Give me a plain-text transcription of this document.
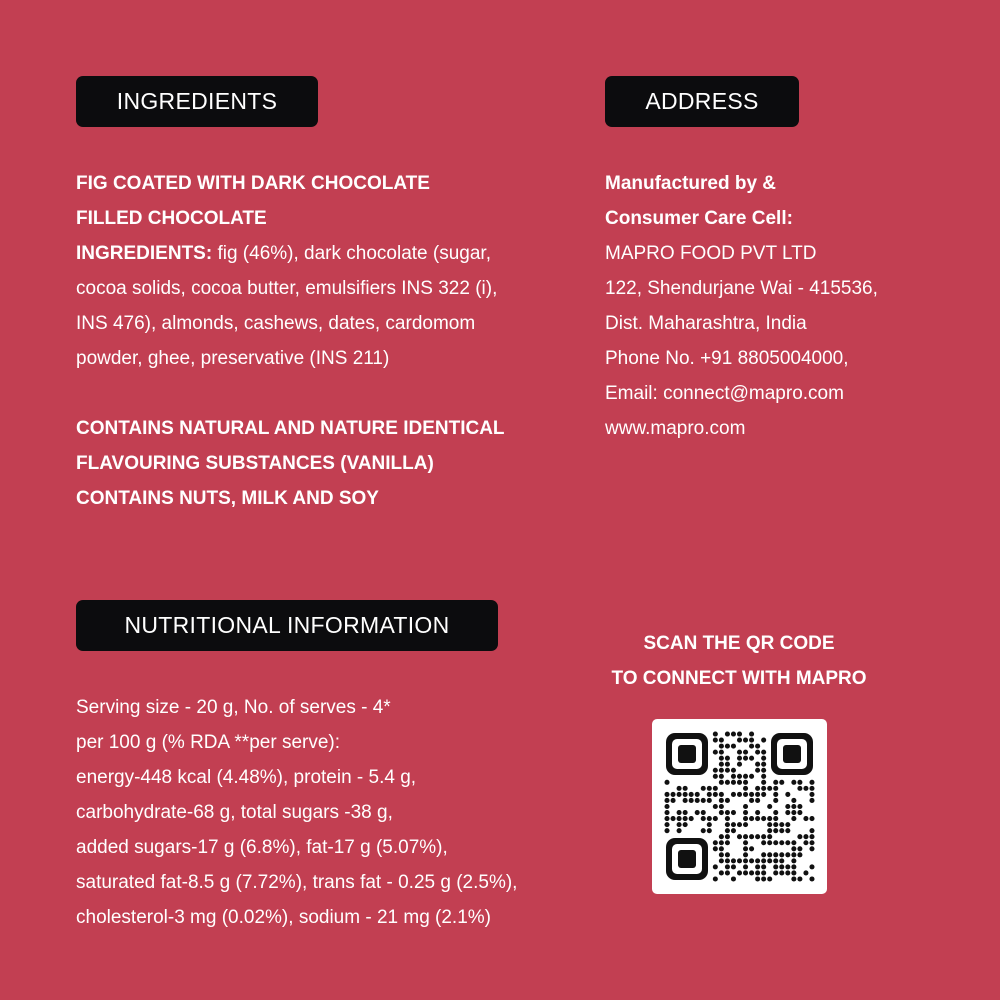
INGREDIENTS
FIG COATED WITH DARK CHOCOLATE
FILLED CHOCOLATE
INGREDIENTS: fig (46%), dark chocolate (sugar,
cocoa solids, cocoa butter, emulsifiers INS 322 (i),
INS 476), almonds, cashews, dates, cardomom
powder, ghee, preservative (INS 211)
CONTAINS NATURAL AND NATURE IDENTICAL
FLAVOURING SUBSTANCES (VANILLA)
CONTAINS NUTS, MILK AND SOY
ADDRESS
Manufactured by &
Consumer Care Cell:
MAPRO FOOD PVT LTD
122, Shendurjane Wai - 415536,
Dist. Maharashtra, India
Phone No. +91 8805004000,
Email: connect@mapro.com
www.mapro.com
NUTRITIONAL INFORMATION
Serving size - 20 g, No. of serves - 4*
per 100 g (% RDA **per serve):
energy-448 kcal (4.48%), protein - 5.4 g,
carbohydrate-68 g, total sugars -38 g,
added sugars-17 g (6.8%), fat-17 g (5.07%),
saturated fat-8.5 g (7.72%), trans fat - 0.25 g (2.5%),
cholesterol-3 mg (0.02%), sodium - 21 mg (2.1%)
SCAN THE QR CODE
TO CONNECT WITH MAPRO
